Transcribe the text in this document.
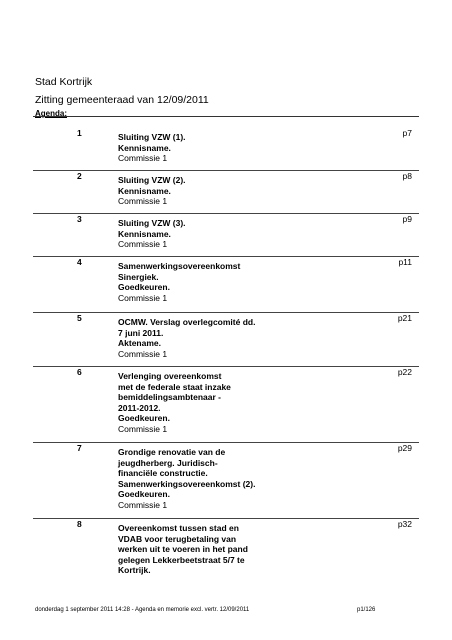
Stad Kortrijk
Zitting gemeenteraad van 12/09/2011
Agenda:
1	Sluiting VZW (1).
Kennisname.
Commissie 1
p7
2	Sluiting VZW (2).
Kennisname.
Commissie 1
p8
3	Sluiting VZW (3).
Kennisname.
Commissie 1
p9
4	Samenwerkingsovereenkomst
Sinergiek.
Goedkeuren.
Commissie 1
p11
5	OCMW. Verslag overlegcomité dd.
7 juni 2011.
Aktename.
Commissie 1
p21
6	Verlenging overeenkomst
met de federale staat inzake
bemiddelingsambtenaar -
2011-2012.
Goedkeuren.
Commissie 1
p22
7	Grondige renovatie van de
jeugdherberg. Juridisch-
financiële constructie.
Samenwerkingsovereenkomst (2).
Goedkeuren.
Commissie 1
p29
8	Overeenkomst tussen stad en
VDAB voor terugbetaling van
werken uit te voeren in het pand
gelegen Lekkerbeetstraat 5/7 te
Kortrijk.
p32
donderdag 1 september 2011 14:28 - Agenda en memorie excl. vertr. 12/09/2011	p1/126
